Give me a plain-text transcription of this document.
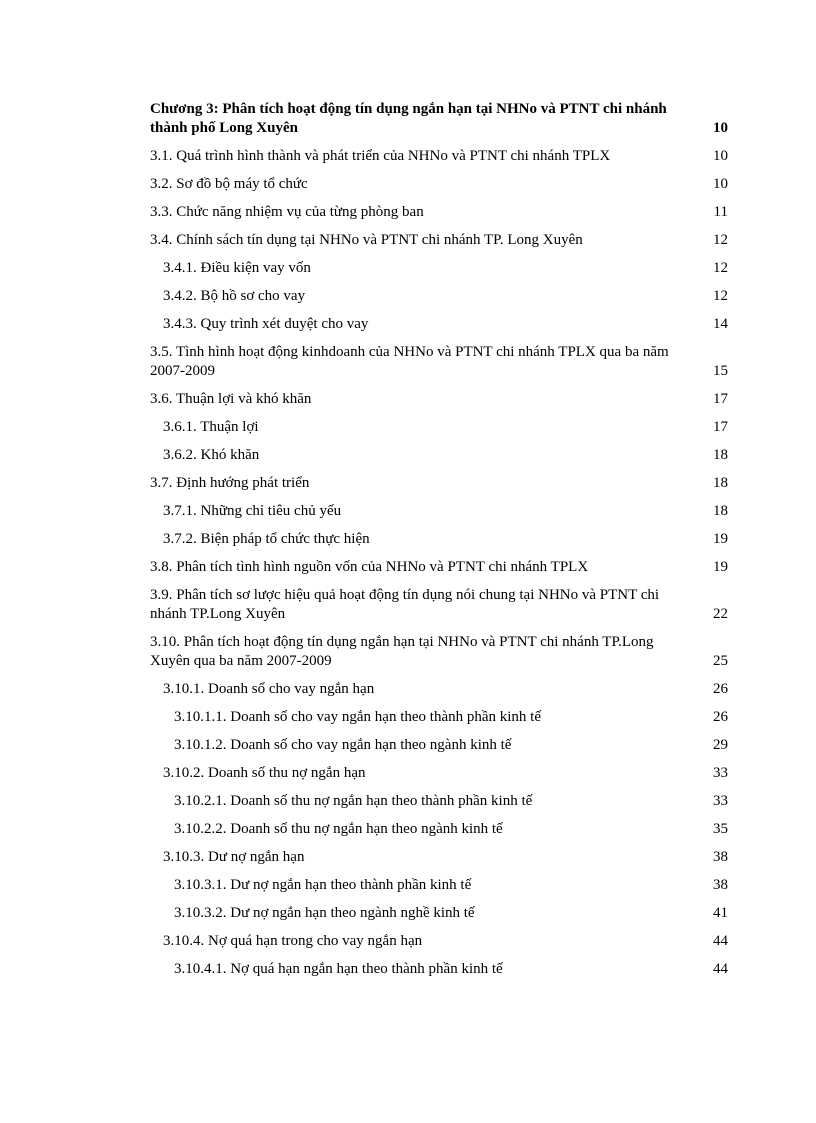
Chương 3: Phân tích hoạt động tín dụng ngắn hạn tại NHNo và PTNT chi nhánh thành phố Long Xuyên	10
3.1. Quá trình hình thành và phát triển của NHNo và PTNT chi nhánh TPLX	10
3.2. Sơ đồ bộ máy tổ chức	10
3.3. Chức năng nhiệm vụ của từng phòng ban	11
3.4. Chính sách tín dụng tại NHNo và PTNT chi nhánh TP. Long Xuyên	12
3.4.1. Điều kiện vay vốn	12
3.4.2. Bộ hồ sơ cho vay	12
3.4.3. Quy trình xét duyệt cho vay	14
3.5. Tình hình hoạt động kinhdoanh của NHNo và PTNT chi nhánh TPLX qua ba năm 2007-2009	15
3.6. Thuận lợi và khó khăn	17
3.6.1. Thuận lợi	17
3.6.2. Khó khăn	18
3.7. Định hướng phát triển	18
3.7.1. Những chỉ tiêu chủ yếu	18
3.7.2. Biện pháp tổ chức thực hiện	19
3.8. Phân tích tình hình nguồn vốn của NHNo và PTNT chi nhánh TPLX	19
3.9. Phân tích sơ lược hiệu quả hoạt động tín dụng nói chung tại NHNo và PTNT chi nhánh TP.Long Xuyên	22
3.10. Phân tích hoạt động tín dụng ngắn hạn tại NHNo và PTNT chi nhánh TP.Long Xuyên qua ba năm 2007-2009	25
3.10.1. Doanh số cho vay ngắn hạn	26
3.10.1.1. Doanh số cho vay ngắn hạn theo thành phần kinh tế	26
3.10.1.2. Doanh số cho vay ngắn hạn theo ngành kinh tế	29
3.10.2. Doanh số thu nợ ngắn hạn	33
3.10.2.1. Doanh số thu nợ ngắn hạn theo thành phần kinh tế	33
3.10.2.2. Doanh số thu nợ ngắn hạn theo ngành kinh tế	35
3.10.3. Dư nợ ngắn hạn	38
3.10.3.1. Dư nợ ngắn hạn theo thành phần kinh tế	38
3.10.3.2. Dư nợ ngắn hạn theo ngành nghề kinh tế	41
3.10.4. Nợ quá hạn trong cho vay ngắn hạn	44
3.10.4.1. Nợ quá hạn ngắn hạn theo thành phần kinh tế	44
